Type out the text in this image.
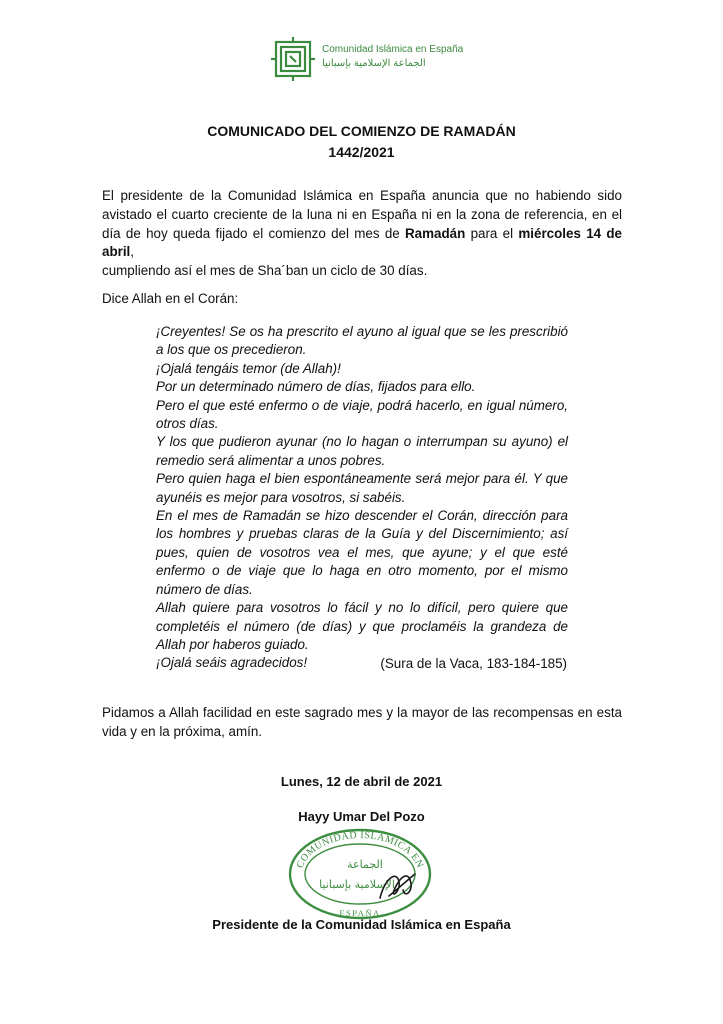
Comunidad Islámica en España
الجماعة الإسلامية بإسبانيا
COMUNICADO DEL COMIENZO DE RAMADÁN
1442/2021
El presidente de la Comunidad Islámica en España anuncia que no habiendo sido avistado el cuarto creciente de la luna ni en España ni en la zona de referencia, en el día de hoy queda fijado el comienzo del mes de Ramadán para el miércoles 14 de abril,
cumpliendo así el mes de Sha´ban un ciclo de 30 días.
Dice Allah en el Corán:

¡Creyentes! Se os ha prescrito el ayuno al igual que se les prescribió a los que os precedieron.

¡Ojalá tengáis temor (de Allah)!

Por un determinado número de días, fijados para ello.

Pero el que esté enfermo o de viaje, podrá hacerlo, en igual número, otros días.

Y los que pudieron ayunar (no lo hagan o interrumpan su ayuno) el remedio será alimentar a unos pobres.

Pero quien haga el bien espontáneamente será mejor para él. Y que ayunéis es mejor para vosotros, si sabéis.

En el mes de Ramadán se hizo descender el Corán, dirección para los hombres y pruebas claras de la Guía y del Discernimiento; así pues, quien de vosotros vea el mes, que ayune; y el que esté enfermo o de viaje que lo haga en otro momento, por el mismo número de días.

Allah quiere para vosotros lo fácil y no lo difícil, pero quiere que completéis el número (de días) y que proclaméis la grandeza de Allah por haberos guiado.

¡Ojalá seáis agradecidos!	(Sura de la Vaca, 183-184-185)
Pidamos a Allah facilidad en este sagrado mes y la mayor de las recompensas en esta vida y en la próxima, amín.
Lunes, 12 de abril de 2021
Hayy Umar Del Pozo
COMUNIDAD ISLÁMICA EN
ESPAÑA
الجماعة
الإسلامية بإسبانيا
Presidente de la Comunidad Islámica en España
